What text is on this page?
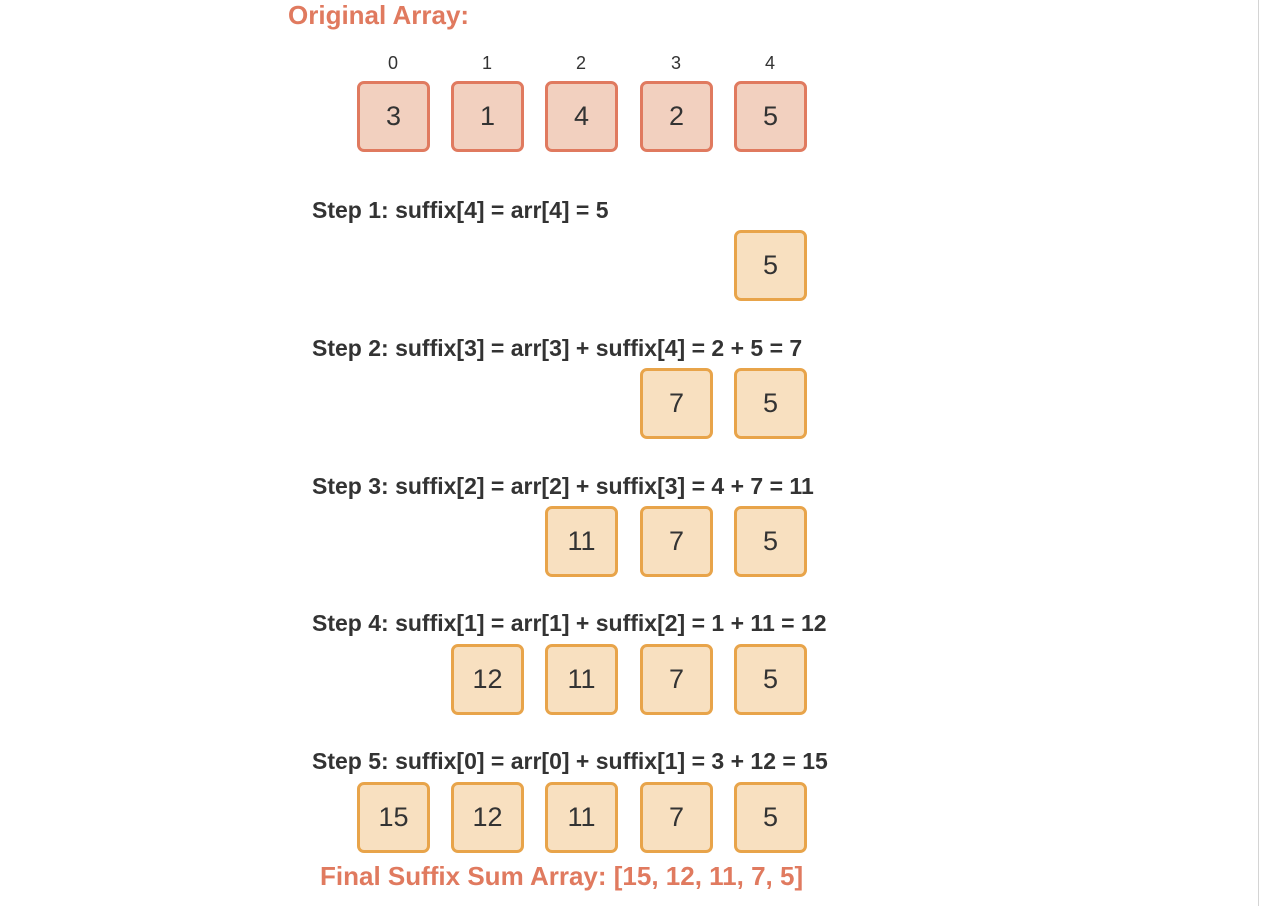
Original Array:
0	1	2	3	4
3	1	4	2	5
Step 1: suffix[4] = arr[4] = 5
5
Step 2: suffix[3] = arr[3] + suffix[4] = 2 + 5 = 7
7	5
Step 3: suffix[2] = arr[2] + suffix[3] = 4 + 7 = 11
11	7	5
Step 4: suffix[1] = arr[1] + suffix[2] = 1 + 11 = 12
12	11	7	5
Step 5: suffix[0] = arr[0] + suffix[1] = 3 + 12 = 15
15	12	11	7	5
Final Suffix Sum Array: [15, 12, 11, 7, 5]
